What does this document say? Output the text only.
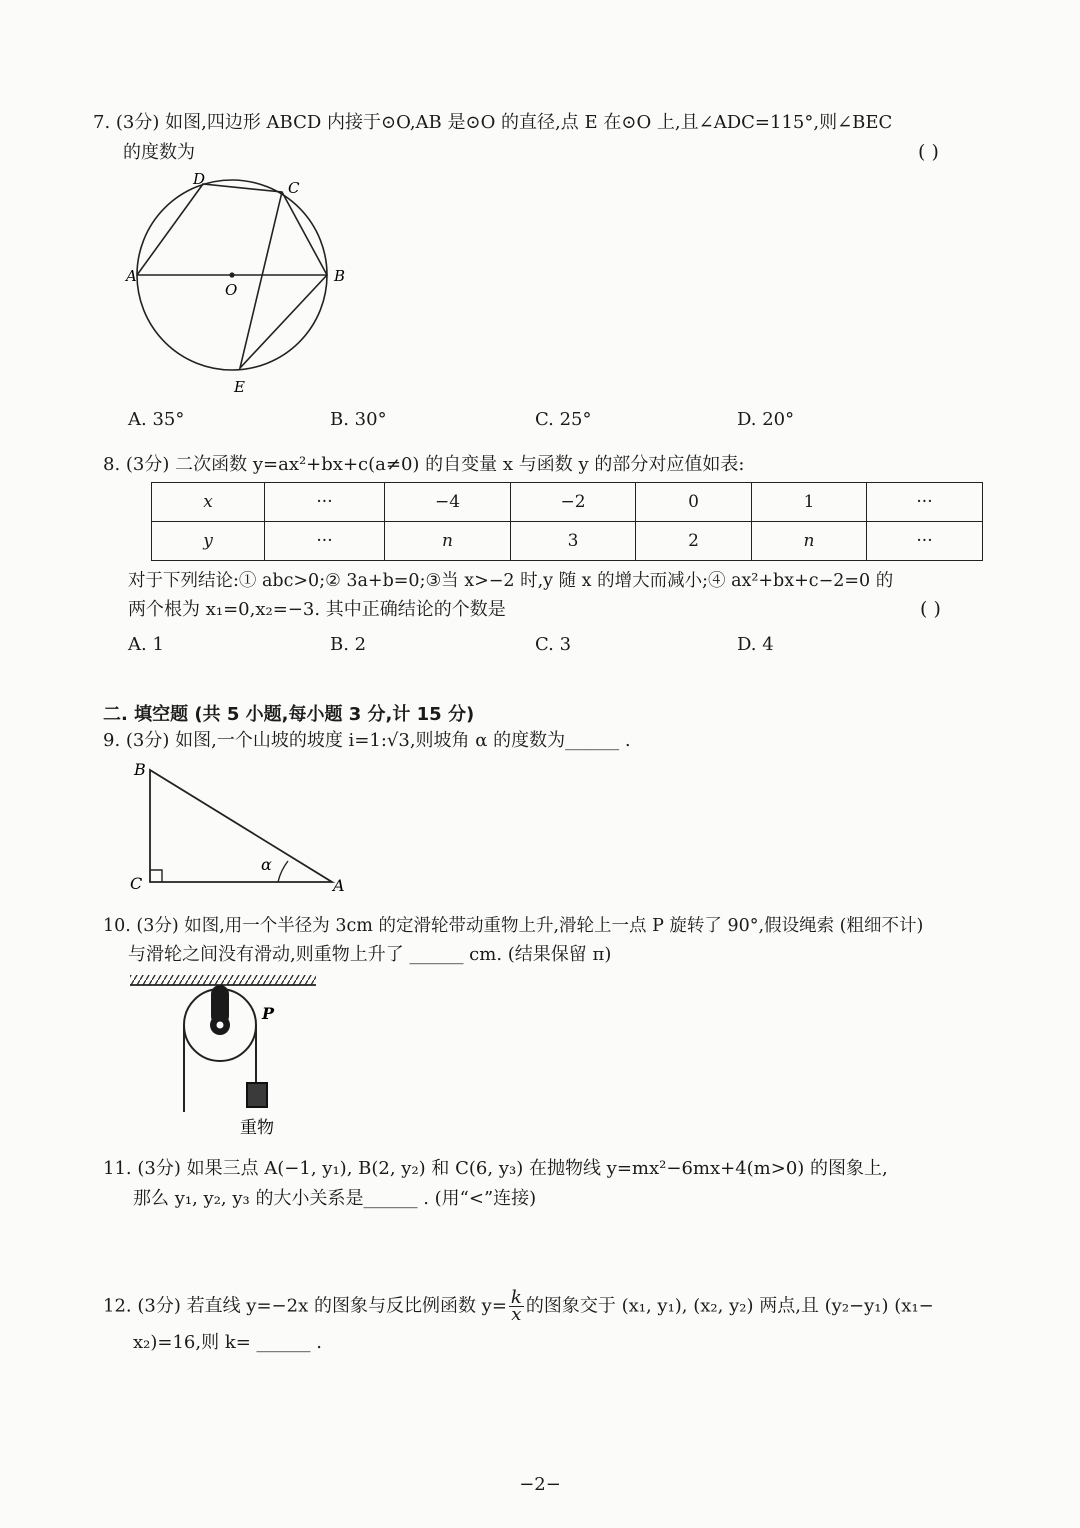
7. (3分) 如图,四边形 ABCD 内接于⊙O,AB 是⊙O 的直径,点 E 在⊙O 上,且∠ADC=115°,则∠BEC
的度数为	( )
D	C
A
O
B
E
A. 35°	B. 30°	C. 25°	D. 20°
8. (3分) 二次函数 y=ax²+bx+c(a≠0) 的自变量 x 与函数 y 的部分对应值如表:
x	···	−4	−2	0	1	···
y	···	n	3	2	n	···
对于下列结论:① abc>0;② 3a+b=0;③当 x>−2 时,y 随 x 的增大而减小;④ ax²+bx+c−2=0 的
两个根为 x₁=0,x₂=−3. 其中正确结论的个数是	( )
A. 1	B. 2	C. 3	D. 4
二. 填空题 (共 5 小题,每小题 3 分,计 15 分)
9. (3分) 如图,一个山坡的坡度 i=1:√3,则坡角 α 的度数为______ .
B
C	A
α
10. (3分) 如图,用一个半径为 3cm 的定滑轮带动重物上升,滑轮上一点 P 旋转了 90°,假设绳索 (粗细不计)
与滑轮之间没有滑动,则重物上升了 ______ cm. (结果保留 π)
P
重物
11. (3分) 如果三点 A(−1, y₁), B(2, y₂) 和 C(6, y₃) 在抛物线 y=mx²−6mx+4(m>0) 的图象上,
那么 y₁, y₂, y₃ 的大小关系是______ . (用“<”连接)
12. (3分) 若直线 y=−2x 的图象与反比例函数 $y= \frac{k}{x}$ 的图象交于 (x₁, y₁), (x₂, y₂) 两点,且 (y₂−y₁) (x₁−
x₂)=16,则 k= ______ .
−2−
